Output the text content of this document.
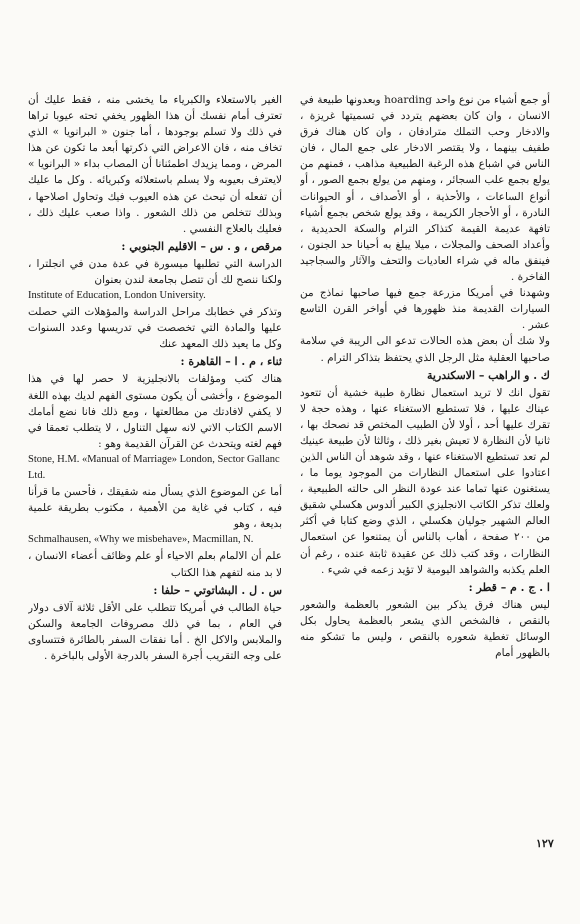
أو جمع أشياء من نوع واحد hoarding وبعدونها طبيعة في الانسان ، وان كان بعضهم يتردد في تسميتها غريزة ، والادخار وحب التملك مترادفان ، وان كان هناك فرق طفيف بينهما ، ولا يقتصر الادخار على جمع المال ، فان الناس في اشباع هذه الرغبة الطبيعية مذاهب ، فمنهم من يولع بجمع علب السجائر ، ومنهم من يولع بجمع الصور ، أو أنواع الساعات ، والأحذية ، أو الأصداف ، أو الحيوانات النادرة ، أو الأحجار الكريمة ، وقد يولع شخص بجمع أشياء تافهة عديمة القيمة كتذاكر الترام والسكة الحديدية ، وأعداد الصحف والمجلات ، ميلا يبلغ به أحيانا حد الجنون ، فينفق ماله في شراء العاديات والتحف والآثار والسجاجيد الفاخرة .

وشهدنا في أمريكا مزرعة جمع فيها صاحبها نماذج من السيارات القديمة منذ ظهورها في أواخر القرن التاسع عشر .

ولا شك أن بعض هذه الحالات تدعو الى الريبة في سلامة صاحبها العقلية مثل الرجل الذي يحتفظ بتذاكر الترام .

ك . و الراهب – الاسكندرية

تقول انك لا تريد استعمال نظارة طبية خشية أن تتعود عيناك عليها ، فلا تستطيع الاستغناء عنها ، وهذه حجة لا تقرك عليها أحد ، أولا لأن الطبيب المختص قد نصحك بها ، ثانيا لأن النظارة لا تعيش بغير ذلك ، وثالثا لأن طبيعة عينيك لم تعد تستطيع الاستغناء عنها ، وقد شوهد أن الناس الذين اعتادوا على استعمال النظارات من الموجود يوما ما ، يستغنون عنها تماما عند عودة النظر الى حالته الطبيعية ، ولعلك تذكر الكاتب الانجليزي الكبير ألدوس هكسلي شقيق العالم الشهير جوليان هكسلي ، الذي وضع كتابا في أكثر من ٢٠٠ صفحة ، أهاب بالناس أن يمتنعوا عن استعمال النظارات ، وقد كتب ذلك عن عقيدة ثابتة عنده ، رغم أن العلم يكذبه والشواهد اليومية لا تؤيد زعمه في شيء .

ا . ج . م – قطر :

ليس هناك فرق يذكر بين الشعور بالعظمة والشعور بالنقص ، فالشخص الذي يشعر بالعظمة يحاول بكل الوسائل تغطية شعوره بالنقص ، وليس ما تشكو منه بالظهور أمام

الغير بالاستعلاء والكبرياء ما يخشى منه ، فقط عليك أن تعترف أمام نفسك أن هذا الظهور يخفي تحته عيوبا تراها في ذلك ولا تسلم بوجودها ، أما جنون « البرانويا » الذي تخاف منه ، فان الاعراض التي ذكرتها أبعد ما تكون عن هذا المرض ، ومما يزيدك اطمئنانا أن المصاب بداء « البرانويا » لايعترف بعيوبه ولا يسلم باستعلائه وكبريائه . وكل ما عليك أن تفعله أن تبحث عن هذه العيوب فيك وتحاول اصلاحها ، وبذلك تتخلص من ذلك الشعور . واذا صعب عليك ذلك ، فعليك بالعلاج النفسي .

مرقص ، و . س – الاقليم الجنوبي :

الدراسة التي تطلبها ميسورة في عدة مدن في انجلترا ، ولكنا ننصح لك أن تتصل بجامعة لندن بعنوان

Institute of Education, London University.

وتذكر في خطابك مراحل الدراسة والمؤهلات التي حصلت عليها والمادة التي تخصصت في تدريسها وعدد السنوات وكل ما يعيد ذلك المعهد عنك

ثناء ، م . ا – القاهرة :

هناك كتب ومؤلفات بالانجليزية لا حصر لها في هذا الموضوع ، وأخشى أن يكون مستوى الفهم لديك بهذه اللغة لا يكفي لافادتك من مطالعتها ، ومع ذلك فانا نضع أمامك الاسم الكتاب الاتي لانه سهل التناول ، لا يتطلب تعمقا في فهم لغته ويتحدث عن القرآن القديمة وهو :

Stone, H.M. «Manual of Marriage» London, Sector Gallanc Ltd.

أما عن الموضوع الذي يسأل منه شقيقك ، فأحسن ما قرأنا فيه ، كتاب في غاية من الأهمية ، مكتوب بطريقة علمية بديعة ، وهو

Schmalhausen, «Why we misbehave», Macmillan, N.

علم أن الالمام بعلم الاحياء أو علم وظائف أعضاء الانسان ، لا بد منه لتفهم هذا الكتاب

س . ل . البشاتوتي – حلفا :

حياة الطالب في أمريكا تتطلب على الأقل ثلاثة آلاف دولار في العام ، بما في ذلك مصروفات الجامعة والسكن والملابس والاكل الخ . أما نفقات السفر بالطائرة فتتساوى على وجه التقريب أجرة السفر بالدرجة الأولى بالباخرة .

١٢٧
